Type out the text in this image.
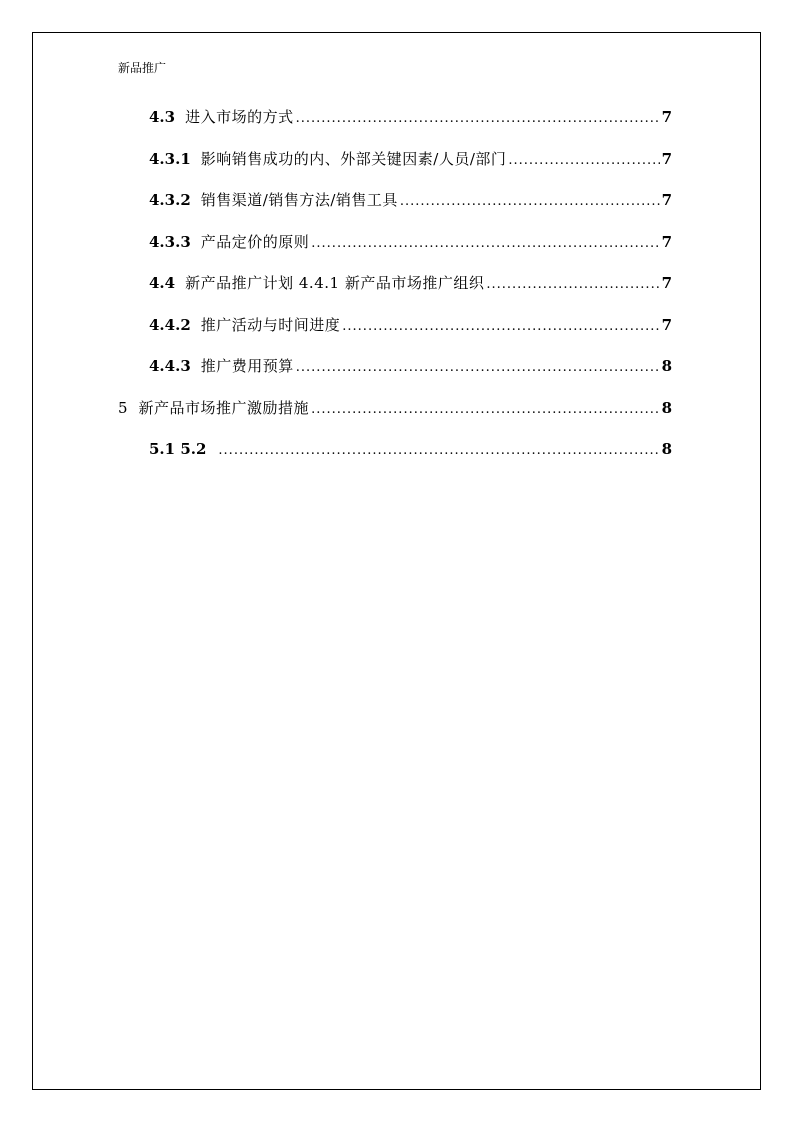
新品推广
4.3 进入市场的方式 .....	7
4.3.1 影响销售成功的内、外部关键因素/人员/部门 .....	7
4.3.2 销售渠道/销售方法/销售工具 .....	7
4.3.3 产品定价的原则 .....	7
4.4 新产品推广计划 4.4.1 新产品市场推广组织 .....	7
4.4.2 推广活动与时间进度 .....	7
4.4.3 推广费用预算 .....	8
5 新产品市场推广激励措施 .....	8
5.1 5.2 .....	8
